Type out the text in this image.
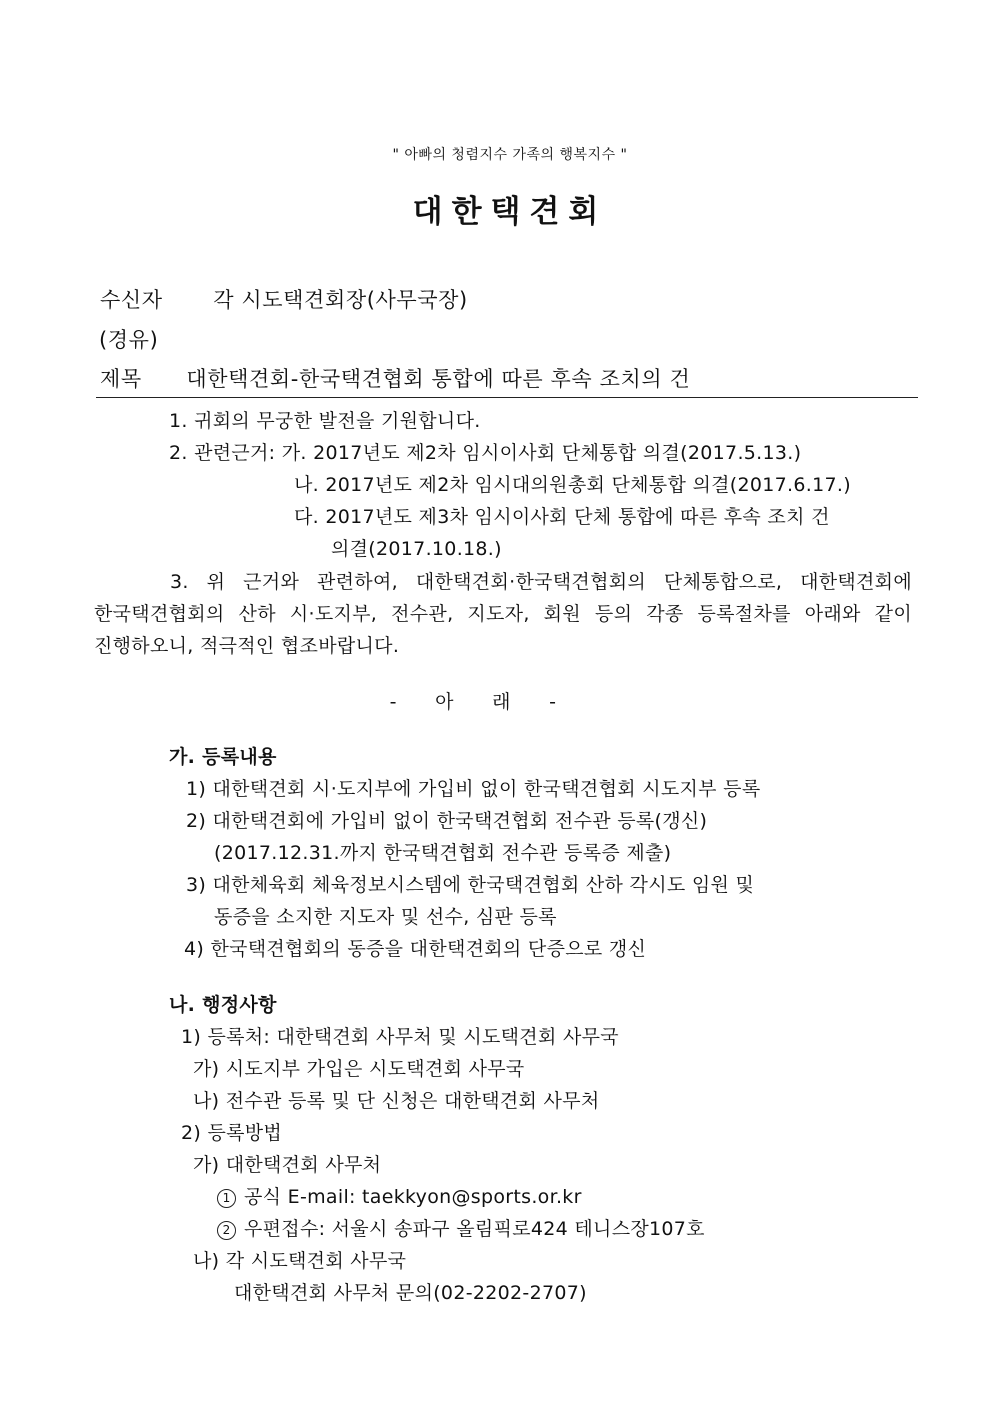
" 아빠의 청렴지수 가족의 행복지수 "
대한택견회
수신자 각 시도택견회장(사무국장)
(경유)
제목 대한택견회-한국택견협회 통합에 따른 후속 조치의 건
1. 귀회의 무궁한 발전을 기원합니다.
2. 관련근거: 가. 2017년도 제2차 임시이사회 단체통합 의결(2017.5.13.)
나. 2017년도 제2차 임시대의원총회 단체통합 의결(2017.6.17.)
다. 2017년도 제3차 임시이사회 단체 통합에 따른 후속 조치 건
의결(2017.10.18.)
3. 위 근거와 관련하여, 대한택견회·한국택견협회의 단체통합으로, 대한택견회에
한국택견협회의 산하 시·도지부, 전수관, 지도자, 회원 등의 각종 등록절차를 아래와 같이
진행하오니, 적극적인 협조바랍니다.
- 아 래 -
가. 등록내용
1) 대한택견회 시·도지부에 가입비 없이 한국택견협회 시도지부 등록
2) 대한택견회에 가입비 없이 한국택견협회 전수관 등록(갱신)
(2017.12.31.까지 한국택견협회 전수관 등록증 제출)
3) 대한체육회 체육정보시스템에 한국택견협회 산하 각시도 임원 및
동증을 소지한 지도자 및 선수, 심판 등록
4) 한국택견협회의 동증을 대한택견회의 단증으로 갱신
나. 행정사항
1) 등록처: 대한택견회 사무처 및 시도택견회 사무국
가) 시도지부 가입은 시도택견회 사무국
나) 전수관 등록 및 단 신청은 대한택견회 사무처
2) 등록방법
가) 대한택견회 사무처
1 공식 E-mail: taekkyon@sports.or.kr
2 우편접수: 서울시 송파구 올림픽로424 테니스장107호
나) 각 시도택견회 사무국
대한택견회 사무처 문의(02-2202-2707)
